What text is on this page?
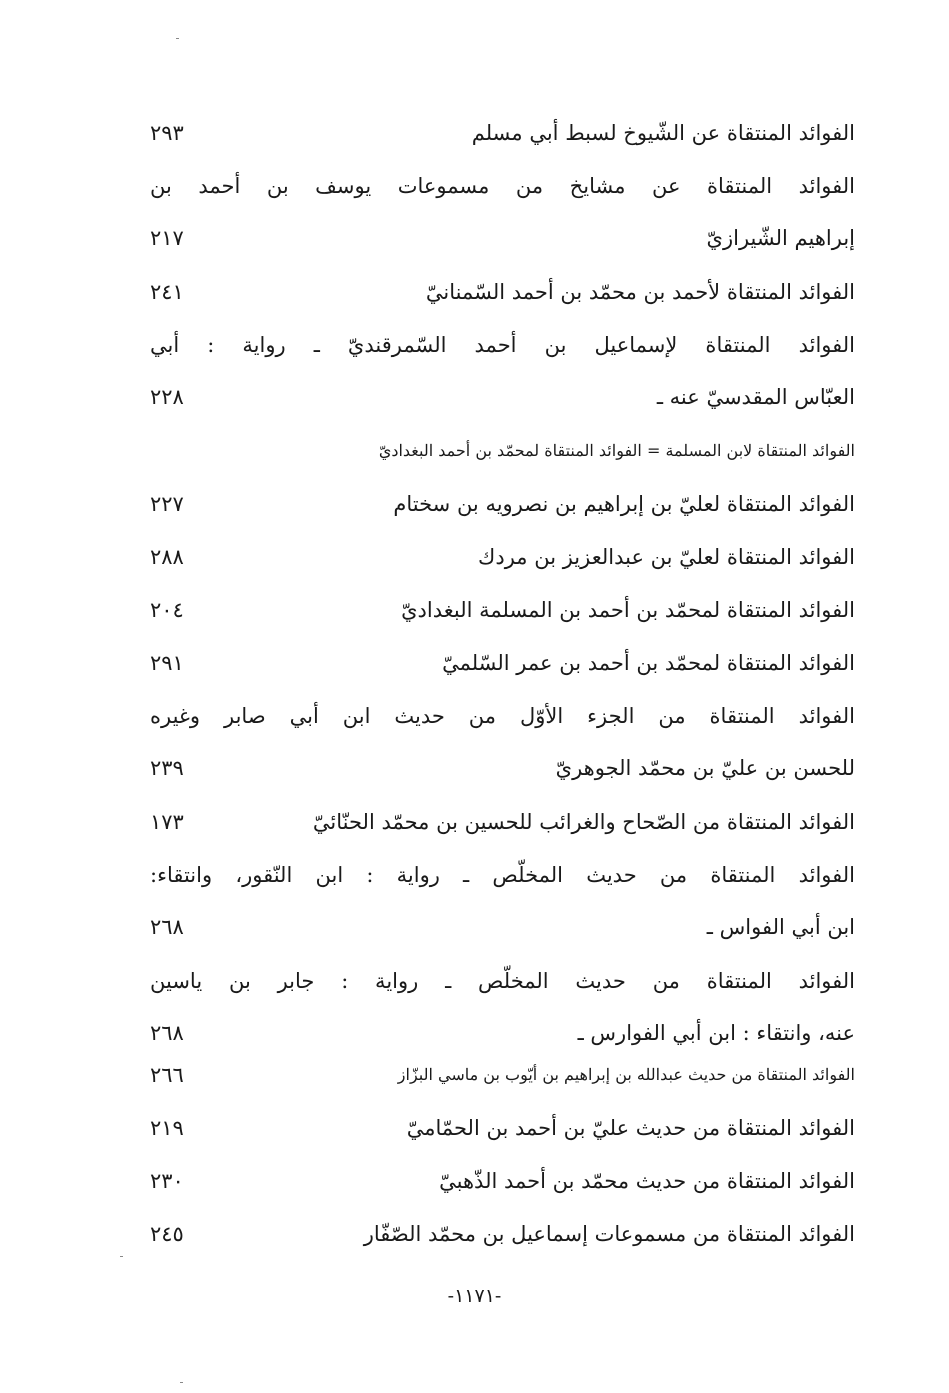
الفوائد المنتقاة عن الشّيوخ لسبط أبي مسلم
٢٩٣
الفوائد المنتقاة عن مشايخ من مسموعات يوسف بن أحمد بن
إبراهيم الشّيرازيّ
٢١٧
الفوائد المنتقاة لأحمد بن محمّد بن أحمد السّمنانيّ
٢٤١
الفوائد المنتقاة لإسماعيل بن أحمد السّمرقنديّ ـ رواية : أبي
العبّاس المقدسيّ عنه ـ
٢٢٨
الفوائد المنتقاة لابن المسلمة = الفوائد المنتقاة لمحمّد بن أحمد البغداديّ
الفوائد المنتقاة لعليّ بن إبراهيم بن نصرويه بن سختام
٢٢٧
الفوائد المنتقاة لعليّ بن عبدالعزيز بن مردك
٢٨٨
الفوائد المنتقاة لمحمّد بن أحمد بن المسلمة البغداديّ
٢٠٤
الفوائد المنتقاة لمحمّد بن أحمد بن عمر السّلميّ
٢٩١
الفوائد المنتقاة من الجزء الأوّل من حديث ابن أبي صابر وغيره
للحسن بن عليّ بن محمّد الجوهريّ
٢٣٩
الفوائد المنتقاة من الصّحاح والغرائب للحسين بن محمّد الحنّائيّ
١٧٣
الفوائد المنتقاة من حديث المخلّص ـ رواية : ابن النّقور، وانتقاء:
ابن أبي الفواس ـ
٢٦٨
الفوائد المنتقاة من حديث المخلّص ـ رواية : جابر بن ياسين
عنه، وانتقاء : ابن أبي الفوارس ـ
٢٦٨
الفوائد المنتقاة من حديث عبدالله بن إبراهيم بن أيّوب بن ماسي البزّاز
٢٦٦
الفوائد المنتقاة من حديث عليّ بن أحمد بن الحمّاميّ
٢١٩
الفوائد المنتقاة من حديث محمّد بن أحمد الذّهبيّ
٢٣٠
الفوائد المنتقاة من مسموعات إسماعيل بن محمّد الصّفّار
٢٤٥
-١١٧١-
